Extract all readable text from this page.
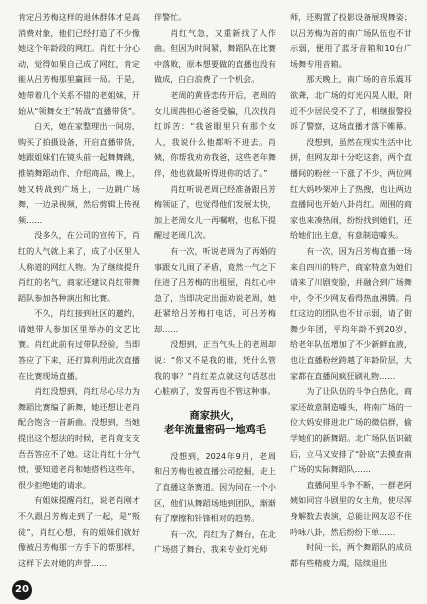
肯定吕芳梅这样的退休群体才是高消费对象，他们已经打造了不少像她这个年龄段的网红。肖红十分心动，觉得如果自己成了网红，肯定能从吕芳梅那里赢回一局。于是，她带着几个关系不错的老姐妹，开始从“领舞女王”转战“直播带货”。

白天，她在家整理出一间房，购买了拍摄设备，开启直播带货，她跟姐妹们在镜头前一起舞舞跳，推销舞蹈动作、介绍商品，晚上，她又转战到广场上，一边跳广场舞，一边录视频，然后剪辑上传视频……

没多久，在公司的宣传下，肖红的人气就上来了，成了小区里人人称道的网红人物。为了继续提升肖红的名气，商家还建议肖红带舞蹈队参加各种演出和比赛。

不久，肖红接到社区的邀约，请她带人参加区里举办的文艺比赛。肖红此前有过带队经验，当即答应了下来，还打算利用此次直播在比赛现场直播。

肖红没想到，肖红尽心尽力为舞蹈比赛编了新舞，她还想让老肖配合饱含一首新曲。没想到，当她提出这个想法的时候，老肖竟支支吾吾答应不了她。这让肖红十分气愤，要知道老肖和她搭档这些年，很少拒绝她的请求。

有姐妹提醒肖红，说老肖刚才不久跟吕芳梅走到了一起，是“叛徒”，肖红心想，有的姐妹们就好像被吕芳梅那一方手下的帮那样，这样下去对她的声誉……

伴警忙。

肖红气急，又重新找了人作曲。但因为时间紧，舞蹈队在比赛中落败，原本想要做的直播也没有做成，白白浪费了一个机会。

老周的黄昏恋传开后，老周的女儿周茜担心爸爸受骗，几次找肖红诉苦：“我爸眼里只有那个女人，我说什么他都听不进去。肖姨，你帮我劝劝我爸，这些老年舞伴，他也就最听得进你的话了。”

肖红听说老周已经准备跟吕芳梅领证了，也觉得他们发展太快，加上老周女儿一再嘱咐，也私下提醒过老周几次。

有一次，听说老周为了再婚的事跟女儿闹了矛盾，竟然一气之下住进了吕芳梅的出租屋，肖红心中急了，当即决定出面劝说老周，她赶紧给吕芳梅打电话，可吕芳梅却……

没想到，正当气头上的老周却说：“你又不是我的谁，凭什么管我的事？”肖红差点就这句话怼出心脏病了，发誓再也不管这种事。

商家拱火，
老年流量密码一地鸡毛

没想到，2024年9月，老周和吕芳梅也被直播公司挖掘，走上了直播这条赛道。因为同在一个小区，他们从舞蹈场地到团队，渐渐有了摩擦和针锋相对的趋势。

有一次，肖红为了舞台，在北广场搭了舞台，我来专业灯光师

师，还购置了投影设备展现舞姿；以吕芳梅为首的南广场队伍也不甘示弱，便用了蓝牙音箱和10台广场舞专用音箱。

那天晚上，南广场的音乐震耳欲聋，北广场的灯光闪晃人眼，附近不少居民受不了了，相继报警投诉了警察，这场直播才落下帷幕。

没想到，虽然在现实生活中比拼，但网友却十分吃这套，两个直播间的粉丝一下涨了不少，两位网红大妈吵架冲上了热搜，也让两边直播间也开始八卦肖红。周围的商家也来凑热闹，纷纷找到她们，还给她们出主意，有意制造噱头。

有一次，因为吕芳梅直播一场来自四川的特产，商家特意为她们请来了川剧变脸，并融合到广场舞中，令不少网友看得热血沸腾。肖红这边的团队也不甘示弱，请了街舞少年团，平均年龄不到20岁，给老年队伍增加了不少新鲜血液，也让直播粉丝跨越了年龄阶层，大家都在直播间疯狂刷礼物……

为了让队伍的斗争白热化，商家还故意制造噱头，将南广场的一位大妈安排进北广场的微信群，偷学她们的新舞蹈。北广场队伍识破后，立马又安排了“卧底”去摸查南广场的实际舞蹈队……

直播间里斗争不断，一群老阿姨如同宫斗剧里的女主角，使尽浑身解数去表演，总能让网友忍不住吟咏八卦，然后纷纷下单……

时间一长，两个舞蹈队的成员都有些精疲力竭，陆续退出

20
